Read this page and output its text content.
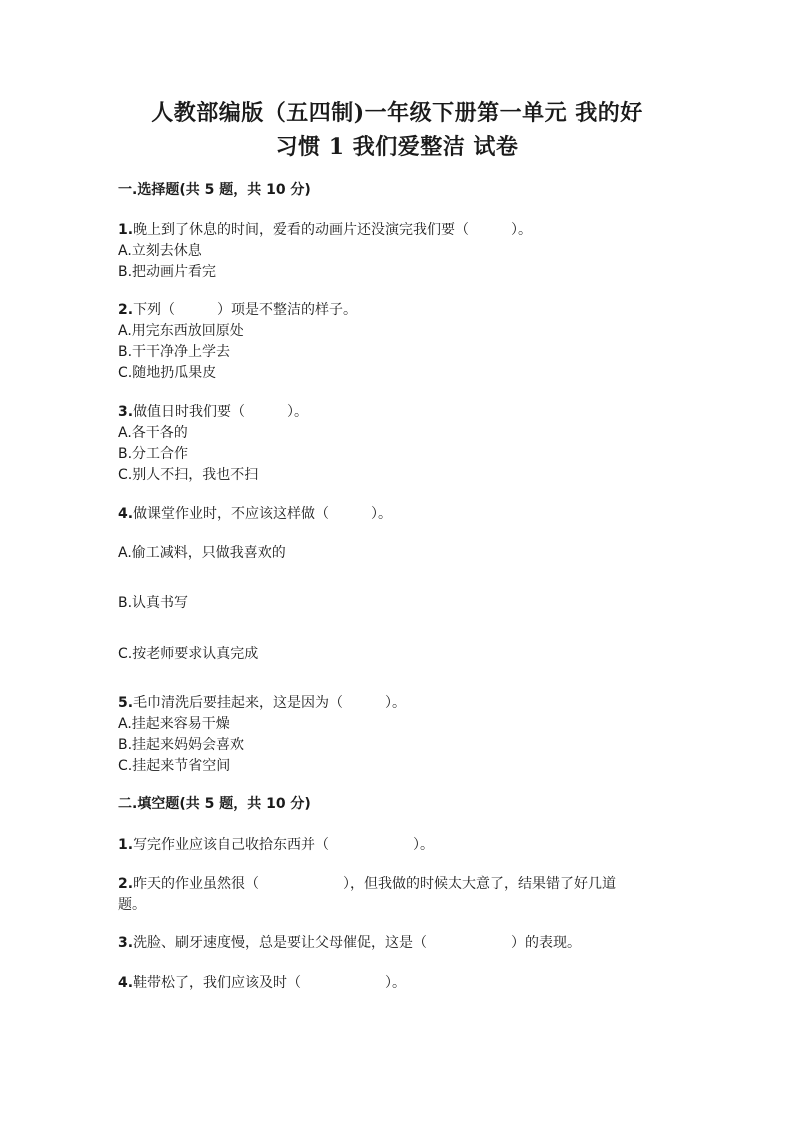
人教部编版（五四制)一年级下册第一单元 我的好
习惯 1 我们爱整洁 试卷
一.选择题(共 5 题，共 10 分)
1.晚上到了休息的时间，爱看的动画片还没演完我们要（　　　）。
A.立刻去休息
B.把动画片看完
2.下列（　　　）项是不整洁的样子。
A.用完东西放回原处
B.干干净净上学去
C.随地扔瓜果皮
3.做值日时我们要（　　　）。
A.各干各的
B.分工合作
C.别人不扫，我也不扫
4.做课堂作业时，不应该这样做（　　　）。
A.偷工减料，只做我喜欢的
B.认真书写
C.按老师要求认真完成
5.毛巾清洗后要挂起来，这是因为（　　　）。
A.挂起来容易干燥
B.挂起来妈妈会喜欢
C.挂起来节省空间
二.填空题(共 5 题，共 10 分)
1.写完作业应该自己收拾东西并（　　　　　　）。
2.昨天的作业虽然很（　　　　　　），但我做的时候太大意了，结果错了好几道
题。
3.洗脸、刷牙速度慢，总是要让父母催促，这是（　　　　　　）的表现。
4.鞋带松了，我们应该及时（　　　　　　）。
